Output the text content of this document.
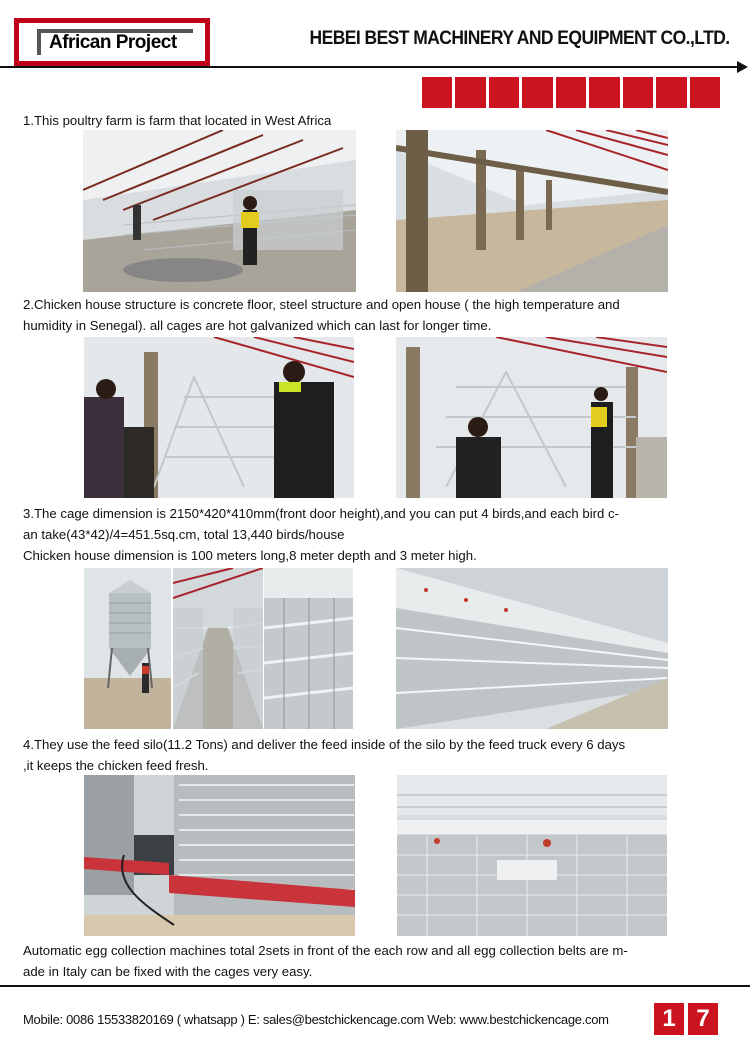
African Project	HEBEI BEST MACHINERY AND EQUIPMENT CO.,LTD.
1.This poultry farm is farm that located in West Africa
2.Chicken house structure is concrete floor, steel structure and open house ( the high temperature and
humidity in Senegal). all cages are hot galvanized which can last for longer time.
3.The cage dimension is 2150*420*410mm(front door height),and you can put 4 birds,and each bird c-
an take(43*42)/4=451.5sq.cm, total 13,440 birds/house
Chicken house dimension is 100 meters long,8 meter depth and 3 meter high.
4.They use the feed silo(11.2 Tons) and deliver the feed inside of the silo by the feed truck every 6 days
,it keeps the chicken feed fresh.
Automatic egg collection machines total 2sets in front of the each row and all egg collection belts are m-
ade in Italy can be fixed with the cages very easy.
Mobile: 0086 15533820169 ( whatsapp ) E: sales@bestchickencage.com Web: www.bestchickencage.com	1 7
